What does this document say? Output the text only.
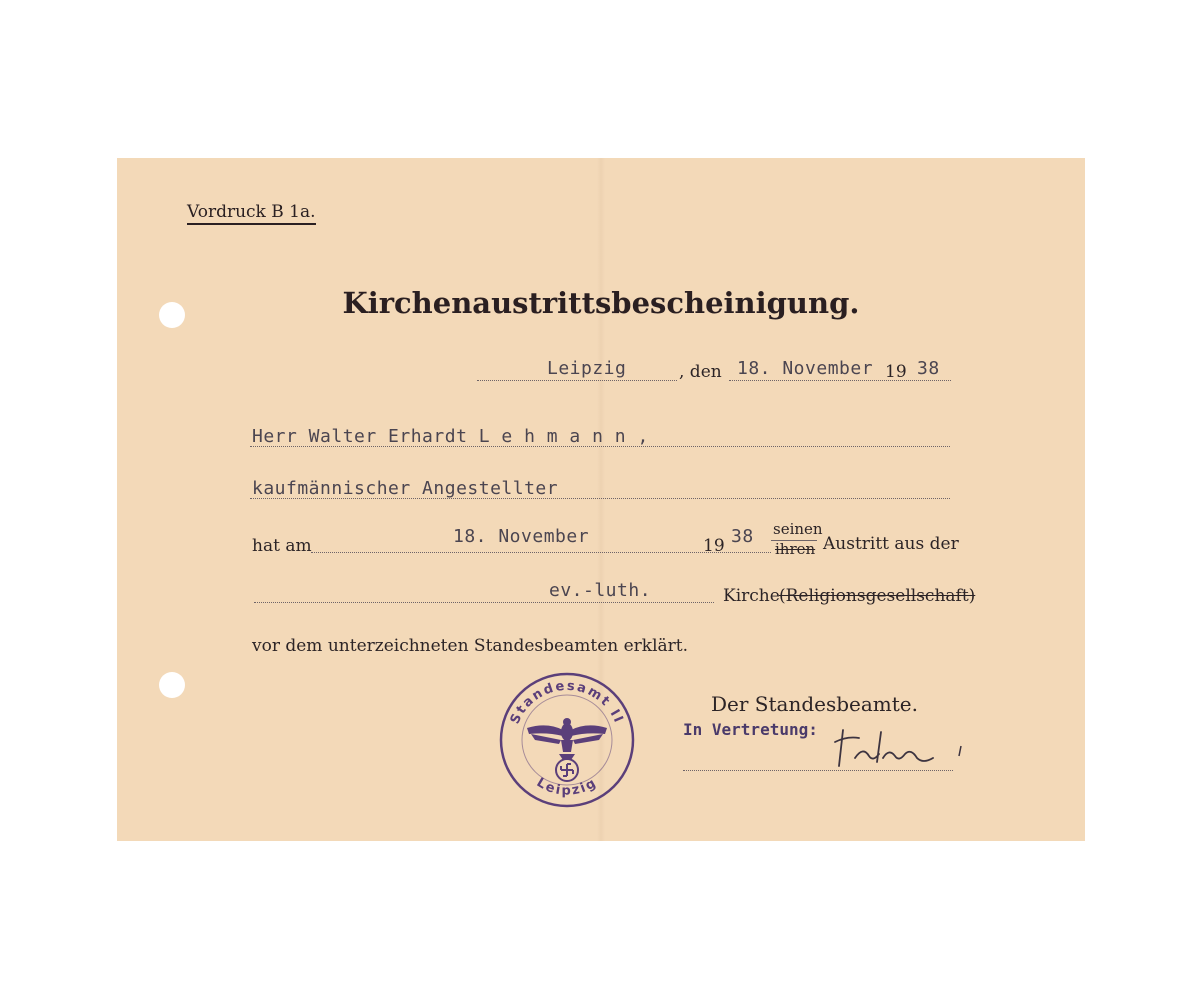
Vordruck B 1a.
Kirchenaustrittsbescheinigung.
Leipzig	, den 18. November 19 38
Herr Walter Erhardt L e h m a n n ,
kaufmännischer Angestellter
hat am	18. November	19 38 seinen
ihren Austritt aus der
ev.-luth.	Kirche (Religionsgesellschaft)
vor dem unterzeichneten Standesbeamten erklärt.
Standesamt II
Leipzig
Der Standesbeamte.
In Vertretung:
